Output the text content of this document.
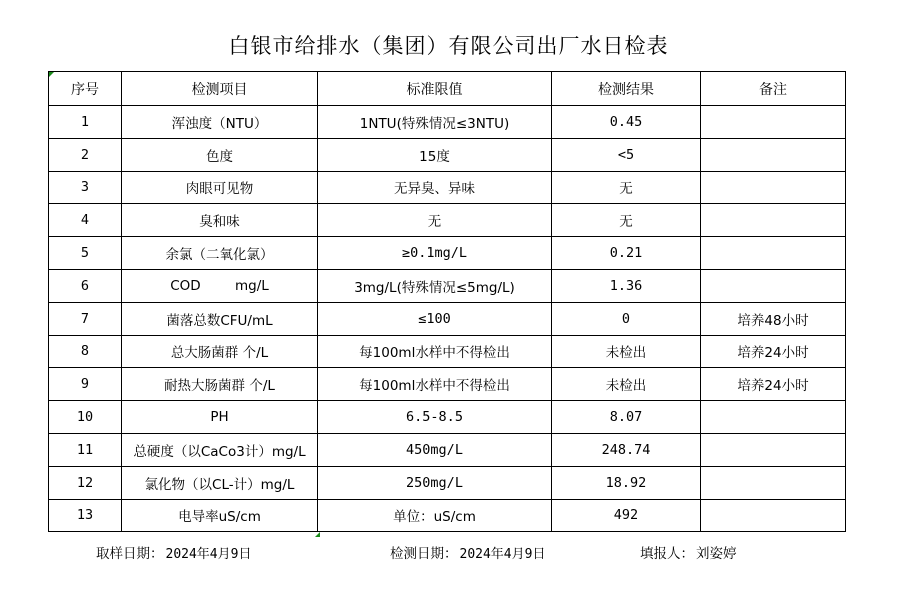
白银市给排水（集团）有限公司出厂水日检表
序号	检测项目	标准限值	检测结果	备注
1	浑浊度（NTU）	1NTU(特殊情况≤3NTU)	0.45	
2	色度	15度	<5	
3	肉眼可见物	无异臭、异味	无	
4	臭和味	无	无	
5	余氯（二氧化氯）	≥0.1mg/L	0.21	
6	COD        mg/L	3mg/L(特殊情况≤5mg/L)	1.36	
7	菌落总数CFU/mL	≤100	0	培养48小时
8	总大肠菌群 个/L	每100ml水样中不得检出	未检出	培养24小时
9	耐热大肠菌群 个/L	每100ml水样中不得检出	未检出	培养24小时
10	PH	6.5-8.5	8.07	
11	总硬度（以CaCo3计）mg/L	450mg/L	248.74	
12	氯化物（以CL-计）mg/L	250mg/L	18.92	
13	电导率uS/cm	单位：uS/cm	492	
取样日期： 2024年4月9日	检测日期： 2024年4月9日	填报人： 刘姿婷
